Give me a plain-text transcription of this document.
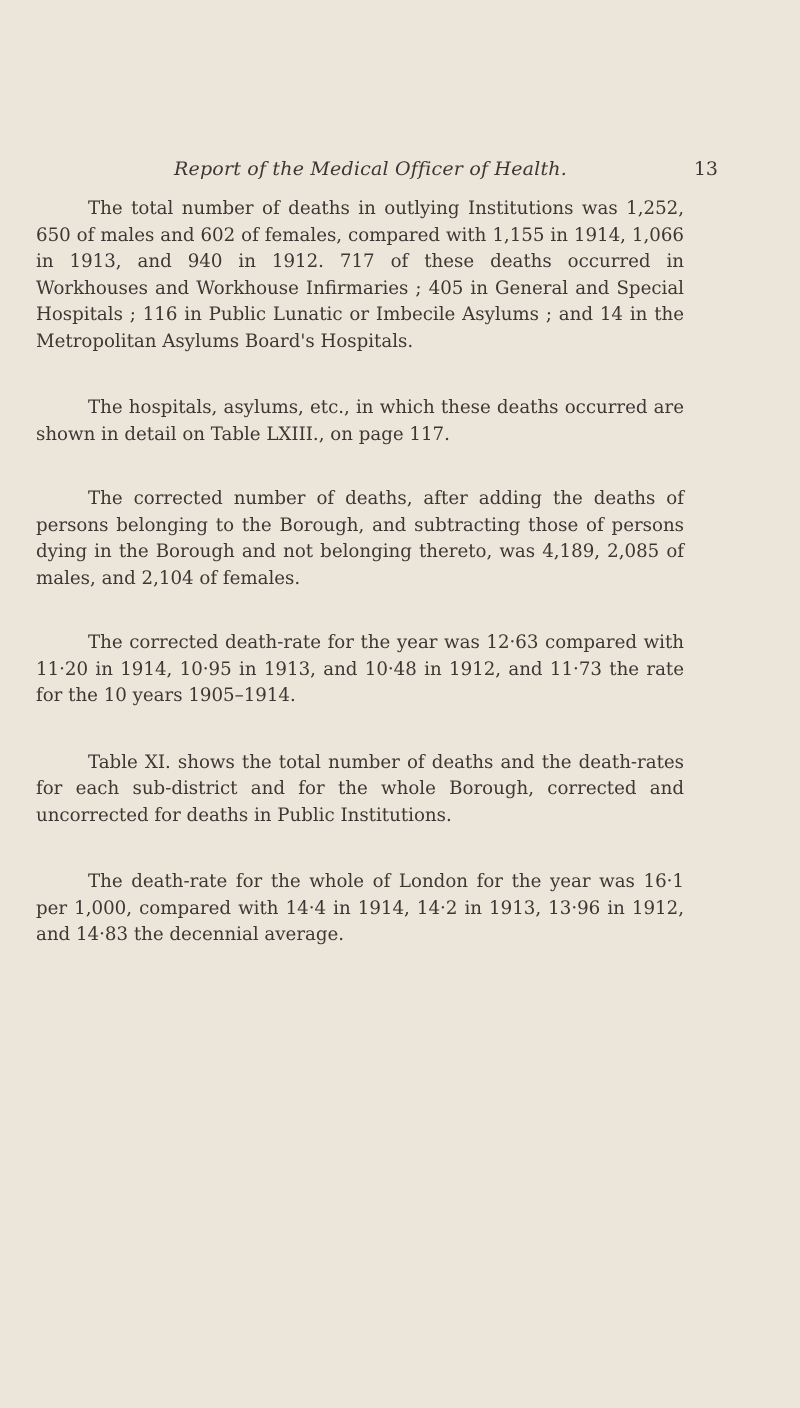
Report of the Medical Officer of Health.	13

The total number of deaths in outlying Institutions was 1,252, 650 of males and 602 of females, compared with 1,155 in 1914, 1,066 in 1913, and 940 in 1912. 717 of these deaths occurred in Workhouses and Workhouse Infirmaries ; 405 in General and Special Hospitals ; 116 in Public Lunatic or Imbecile Asylums ; and 14 in the Metropolitan Asylums Board's Hospitals.

The hospitals, asylums, etc., in which these deaths occurred are shown in detail on Table LXIII., on page 117.

The corrected number of deaths, after adding the deaths of persons belonging to the Borough, and subtracting those of persons dying in the Borough and not belonging thereto, was 4,189, 2,085 of males, and 2,104 of females.

The corrected death-rate for the year was 12·63 compared with 11·20 in 1914, 10·95 in 1913, and 10·48 in 1912, and 11·73 the rate for the 10 years 1905–1914.

Table XI. shows the total number of deaths and the death-rates for each sub-district and for the whole Borough, corrected and uncorrected for deaths in Public Institutions.

The death-rate for the whole of London for the year was 16·1 per 1,000, compared with 14·4 in 1914, 14·2 in 1913, 13·96 in 1912, and 14·83 the decennial average.
